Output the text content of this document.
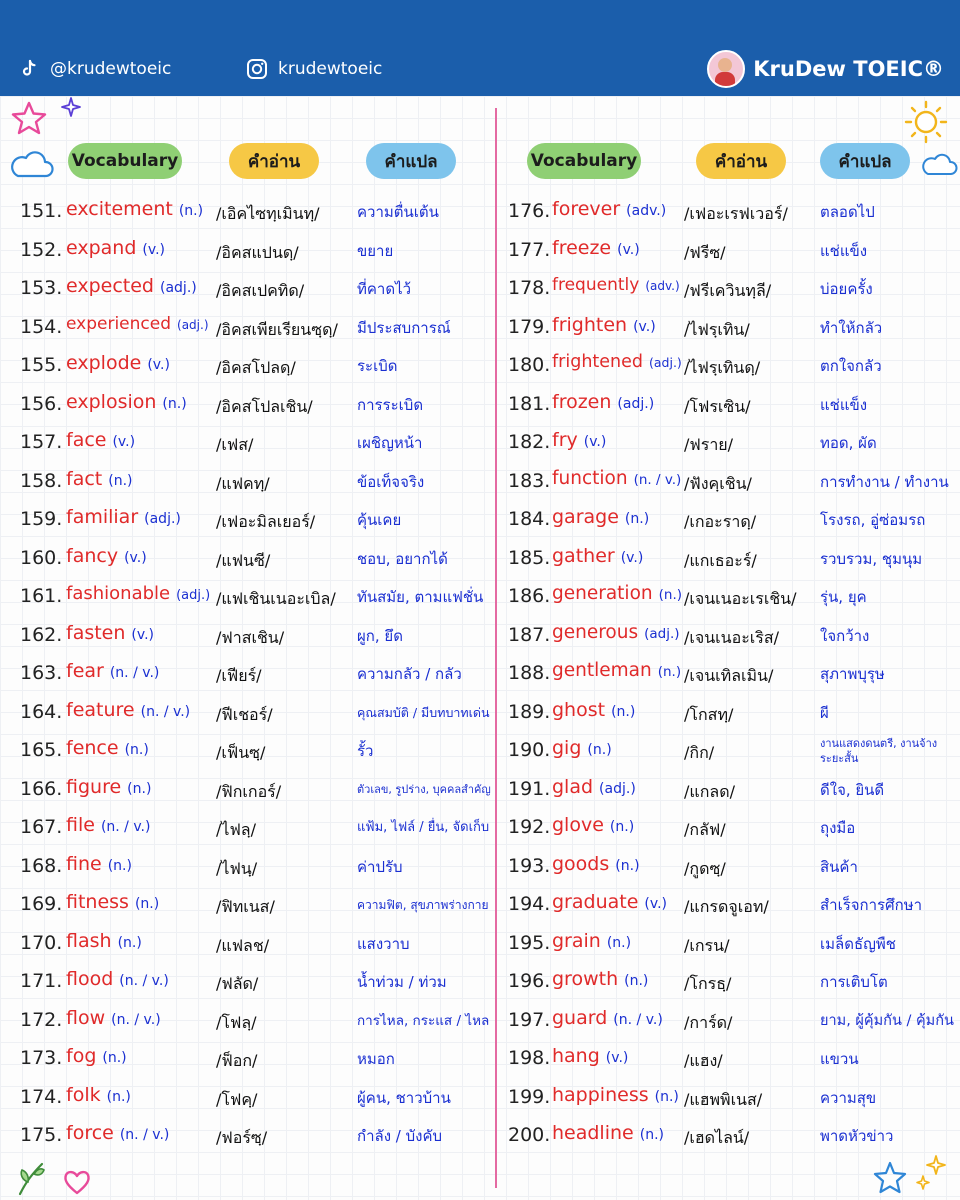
@krudewtoeic	krudewtoeic	KruDew TOEIC®
Vocabulary	คำอ่าน	คำแปล	Vocabulary	คำอ่าน	คำแปล
151. excitement (n.) /เอิคไซทฺเมินทฺ/ ความตื่นเต้น
152. expand (v.)	/อิคสแปนดฺ/	ขยาย
153. expected (adj.) /อิคสเปคทิด/	ที่คาดไว้
154. experienced (adj.) /อิคสเพียเรียนซฺดฺ/ มีประสบการณ์
155. explode (v.)	/อิคสโปลดฺ/	ระเบิด
156. explosion (n.) /อิคสโปลเชิน/	การระเบิด
157. face (v.)	/เฟส/	เผชิญหน้า
158. fact (n.)	/แฟคทฺ/	ข้อเท็จจริง
159. familiar (adj.) /เฟอะมิลเยอร์/	คุ้นเคย
160. fancy (v.)	/แฟนซี/	ชอบ, อยากได้
161. fashionable (adj.) /แฟเชินเนอะเบิล/ ทันสมัย, ตามแฟชั่น
162. fasten (v.)	/ฟาสเชิน/	ผูก, ยึด
163. fear (n. / v.)	/เฟียร์/	ความกลัว / กลัว
164. feature (n. / v.) /ฟีเชอร์/	คุณสมบัติ / มีบทบาทเด่น
165. fence (n.)	/เฟ็นซฺ/	รั้ว
166. figure (n.)	/ฟิกเกอร์/	ตัวเลข, รูปร่าง, บุคคลสำคัญ
167. file (n. / v.)	/ไฟลฺ/	แฟ้ม, ไฟล์ / ยื่น, จัดเก็บ
168. fine (n.)	/ไฟนฺ/	ค่าปรับ
169. fitness (n.)	/ฟิทเนส/	ความฟิต, สุขภาพร่างกาย
170. flash (n.)	/แฟลช/	แสงวาบ
171. flood (n. / v.)	/ฟลัด/	น้ำท่วม / ท่วม
172. flow (n. / v.)	/โฟลฺ/	การไหล, กระแส / ไหล
173. fog (n.)	/ฟ็อก/	หมอก
174. folk (n.)	/โฟคฺ/	ผู้คน, ชาวบ้าน
175. force (n. / v.)	/ฟอร์ซฺ/	กำลัง / บังคับ
176. forever (adv.) /เฟอะเรฟเวอร์/ ตลอดไป
177. freeze (v.)	/ฟรีซ/	แช่แข็ง
178. frequently (adv.) /ฟรีเควินทฺลี/	บ่อยครั้ง
179. frighten (v.) /ไฟรฺเทิน/	ทำให้กลัว
180. frightened (adj.) /ไฟรฺเทินดฺ/	ตกใจกลัว
181. frozen (adj.) /โฟรเซิน/	แช่แข็ง
182. fry (v.)	/ฟราย/	ทอด, ผัด
183. function (n. / v.) /ฟังคฺเชิน/	การทำงาน / ทำงาน
184. garage (n.) /เกอะราดฺ/	โรงรถ, อู่ซ่อมรถ
185. gather (v.)	/แกเธอะร์/	รวบรวม, ชุมนุม
186. generation (n.) /เจนเนอะเรเชิน/ รุ่น, ยุค
187. generous (adj.) /เจนเนอะเริส/	ใจกว้าง
188. gentleman (n.) /เจนเทิลเมิน/	สุภาพบุรุษ
189. ghost (n.)	/โกสทฺ/	ผี
190. gig (n.)	/กิก/	งานแสดงดนตรี, งานจ้างระยะสั้น
191. glad (adj.)	/แกลด/	ดีใจ, ยินดี
192. glove (n.)	/กลัฟ/	ถุงมือ
193. goods (n.)	/กูดซฺ/	สินค้า
194. graduate (v.) /แกรดจูเอท/	สำเร็จการศึกษา
195. grain (n.)	/เกรน/	เมล็ดธัญพืช
196. growth (n.) /โกรธฺ/	การเติบโต
197. guard (n. / v.) /การ์ด/	ยาม, ผู้คุ้มกัน / คุ้มกัน
198. hang (v.)	/แฮง/	แขวน
199. happiness (n.) /แฮพพิเนส/	ความสุข
200. headline (n.) /เฮดไลน์/	พาดหัวข่าว
